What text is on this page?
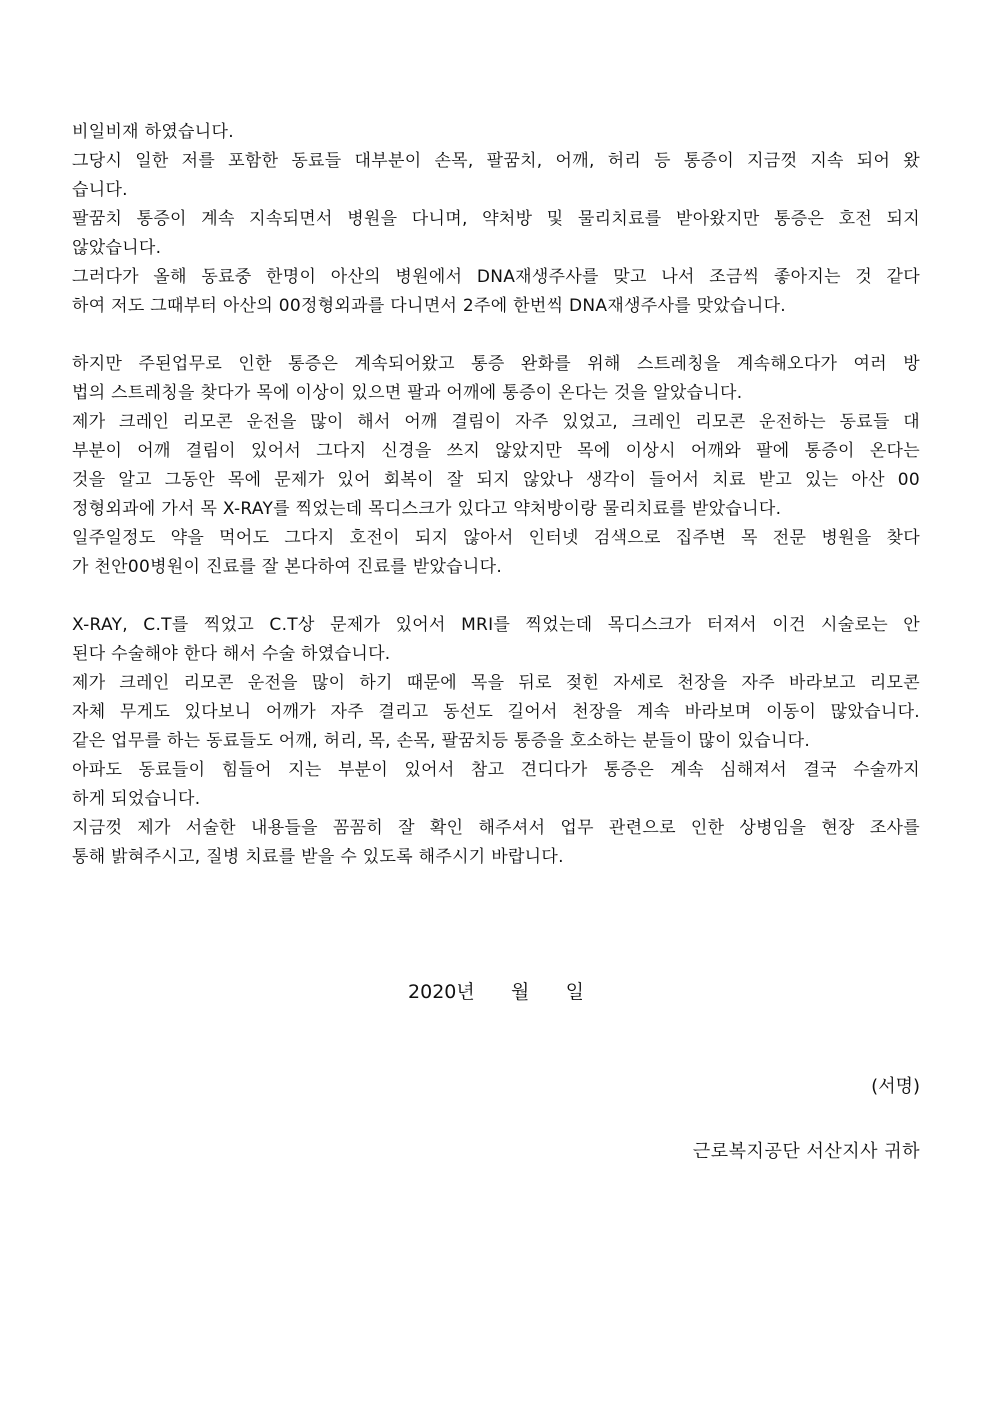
비일비재 하였습니다.
그당시 일한 저를 포함한 동료들 대부분이 손목, 팔꿈치, 어깨, 허리 등 통증이 지금껏 지속 되어 왔
습니다.
팔꿈치 통증이 계속 지속되면서 병원을 다니며, 약처방 및 물리치료를 받아왔지만 통증은 호전 되지
않았습니다.
그러다가 올해 동료중 한명이 아산의 병원에서 DNA재생주사를 맞고 나서 조금씩 좋아지는 것 같다
하여 저도 그때부터 아산의 00정형외과를 다니면서 2주에 한번씩 DNA재생주사를 맞았습니다.
하지만 주된업무로 인한 통증은 계속되어왔고 통증 완화를 위해 스트레칭을 계속해오다가 여러 방
법의 스트레칭을 찾다가 목에 이상이 있으면 팔과 어깨에 통증이 온다는 것을 알았습니다.
제가 크레인 리모콘 운전을 많이 해서 어깨 결림이 자주 있었고, 크레인 리모콘 운전하는 동료들 대
부분이 어깨 결림이 있어서 그다지 신경을 쓰지 않았지만 목에 이상시 어깨와 팔에 통증이 온다는
것을 알고 그동안 목에 문제가 있어 회복이 잘 되지 않았나 생각이 들어서 치료 받고 있는 아산 00
정형외과에 가서 목 X-RAY를 찍었는데 목디스크가 있다고 약처방이랑 물리치료를 받았습니다.
일주일정도 약을 먹어도 그다지 호전이 되지 않아서 인터넷 검색으로 집주변 목 전문 병원을 찾다
가 천안00병원이 진료를 잘 본다하여 진료를 받았습니다.
X-RAY, C.T를 찍었고 C.T상 문제가 있어서 MRI를 찍었는데 목디스크가 터져서 이건 시술로는 안
된다 수술해야 한다 해서 수술 하였습니다.
제가 크레인 리모콘 운전을 많이 하기 때문에 목을 뒤로 젖힌 자세로 천장을 자주 바라보고 리모콘
자체 무게도 있다보니 어깨가 자주 결리고 동선도 길어서 천장을 계속 바라보며 이동이 많았습니다.
같은 업무를 하는 동료들도 어깨, 허리, 목, 손목, 팔꿈치등 통증을 호소하는 분들이 많이 있습니다.
아파도 동료들이 힘들어 지는 부분이 있어서 참고 견디다가 통증은 계속 심해져서 결국 수술까지
하게 되었습니다.
지금껏 제가 서술한 내용들을 꼼꼼히 잘 확인 해주셔서 업무 관련으로 인한 상병임을 현장 조사를
통해 밝혀주시고, 질병 치료를 받을 수 있도록 해주시기 바랍니다.
2020년      월      일
(서명)
근로복지공단 서산지사 귀하
